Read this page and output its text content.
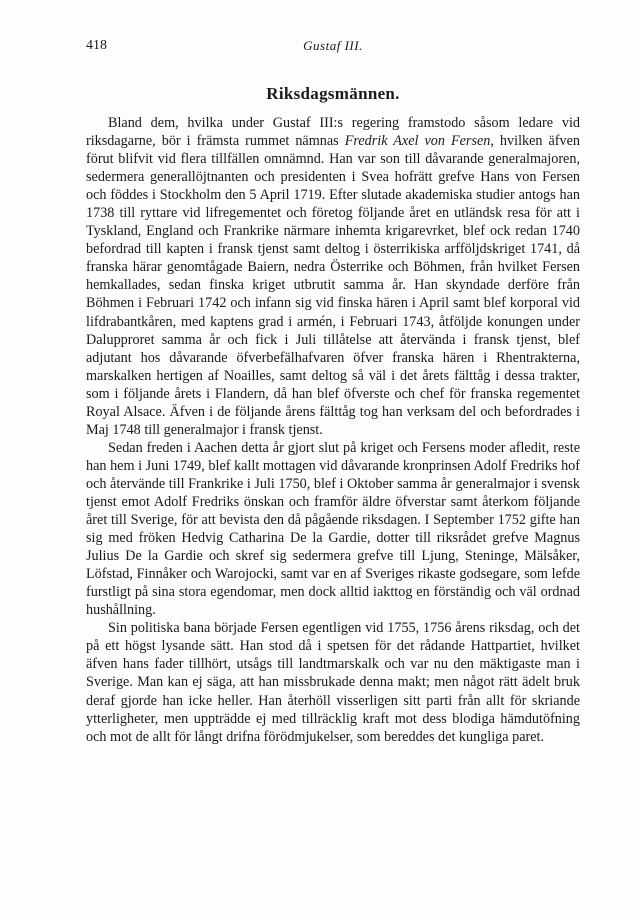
418	Gustaf III.
Riksdagsmännen.

Bland dem, hvilka under Gustaf III:s regering framstodo såsom ledare vid riksdagarne, bör i främsta rummet nämnas Fredrik Axel von Fersen, hvilken äfven förut blifvit vid flera tillfällen omnämnd. Han var son till dåvarande generalmajoren, sedermera generallöjtnanten och presidenten i Svea hofrätt grefve Hans von Fersen och föddes i Stockholm den 5 April 1719. Efter slutade akademiska studier antogs han 1738 till ryttare vid lifregementet och företog följande året en utländsk resa för att i Tyskland, England och Frankrike närmare inhemta krigarevrket, blef ock redan 1740 befordrad till kapten i fransk tjenst samt deltog i österrikiska arfföljdskriget 1741, då franska härar genomtågade Baiern, nedra Österrike och Böhmen, från hvilket Fersen hemkallades, sedan finska kriget utbrutit samma år. Han skyndade derföre från Böhmen i Februari 1742 och infann sig vid finska hären i April samt blef korporal vid lifdrabantkåren, med kaptens grad i armén, i Februari 1743, åtföljde konungen under Dalupproret samma år och fick i Juli tillåtelse att återvända i fransk tjenst, blef adjutant hos dåvarande öfverbefälhafvaren öfver franska hären i Rhentrakterna, marskalken hertigen af Noailles, samt deltog så väl i det årets fälttåg i dessa trakter, som i följande årets i Flandern, då han blef öfverste och chef för franska regementet Royal Alsace. Äfven i de följande årens fälttåg tog han verksam del och befordrades i Maj 1748 till generalmajor i fransk tjenst.

Sedan freden i Aachen detta år gjort slut på kriget och Fersens moder afledit, reste han hem i Juni 1749, blef kallt mottagen vid dåvarande kronprinsen Adolf Fredriks hof och återvände till Frankrike i Juli 1750, blef i Oktober samma år generalmajor i svensk tjenst emot Adolf Fredriks önskan och framför äldre öfverstar samt återkom följande året till Sverige, för att bevista den då pågående riksdagen. I September 1752 gifte han sig med fröken Hedvig Catharina De la Gardie, dotter till riksrådet grefve Magnus Julius De la Gardie och skref sig sedermera grefve till Ljung, Steninge, Mälsåker, Löfstad, Finnåker och Warojocki, samt var en af Sveriges rikaste godsegare, som lefde furstligt på sina stora egendomar, men dock alltid iakttog en förständig och väl ordnad hushållning.

Sin politiska bana började Fersen egentligen vid 1755, 1756 årens riksdag, och det på ett högst lysande sätt. Han stod då i spetsen för det rådande Hattpartiet, hvilket äfven hans fader tillhört, utsågs till landtmarskalk och var nu den mäktigaste man i Sverige. Man kan ej säga, att han missbrukade denna makt; men något rätt ädelt bruk deraf gjorde han icke heller. Han återhöll visserligen sitt parti från allt för skriande ytterligheter, men uppträdde ej med tillräcklig kraft mot dess blodiga hämdutöfning och mot de allt för långt drifna förödmjukelser, som bereddes det kungliga paret.
